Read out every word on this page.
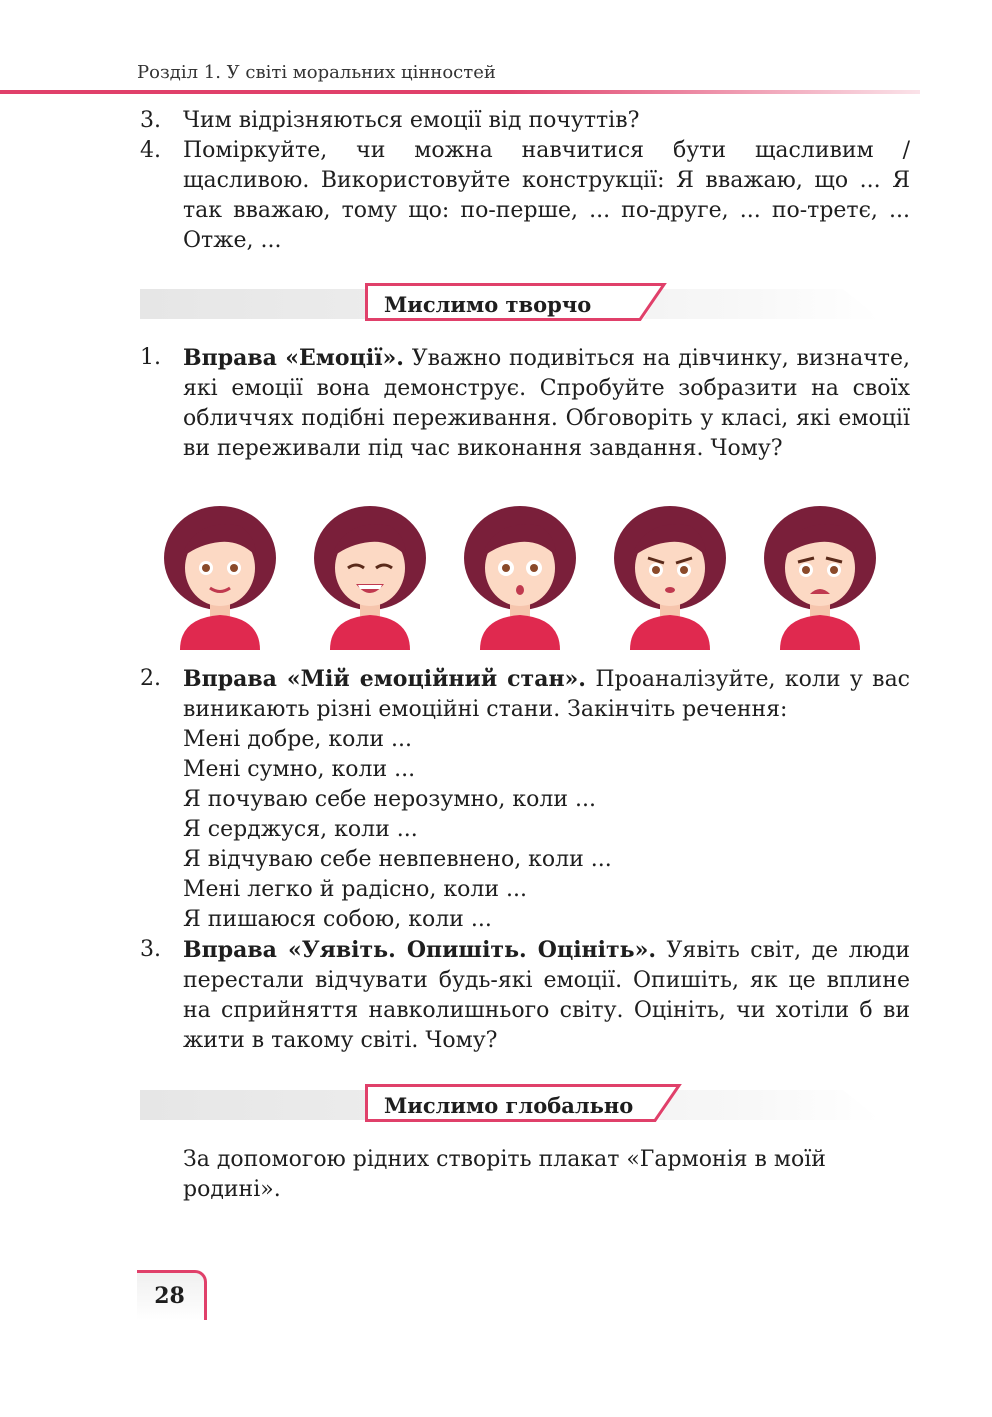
Розділ 1. У світі моральних цінностей
3. Чим відрізняються емоції від почуттів?
4. Поміркуйте, чи можна навчитися бути щасливим / щасливою. Використовуйте конструкції: Я вважаю, що ... Я так вважаю, тому що: по-перше, ... по-друге, ... по-третє, ... Отже, ...
Мислимо творчо
1. Вправа «Емоції». Уважно подивіться на дівчинку, визначте, які емоції вона демонструє. Спробуйте зобразити на своїх обличчях подібні переживання. Обговоріть у класі, які емоції ви переживали під час виконання завдання. Чому?
2. Вправа «Мій емоційний стан». Проаналізуйте, коли у вас виникають різні емоційні стани. Закінчіть речення:
Мені добре, коли ...
Мені сумно, коли ...
Я почуваю себе нерозумно, коли ...
Я серджуся, коли ...
Я відчуваю себе невпевнено, коли ...
Мені легко й радісно, коли ...
Я пишаюся собою, коли ...
3. Вправа «Уявіть. Опишіть. Оцініть». Уявіть світ, де люди перестали відчувати будь-які емоції. Опишіть, як це вплине на сприйняття навколишнього світу. Оцініть, чи хотіли б ви жити в такому світі. Чому?
Мислимо глобально
За допомогою рідних створіть плакат «Гармонія в моїй родині».
28
